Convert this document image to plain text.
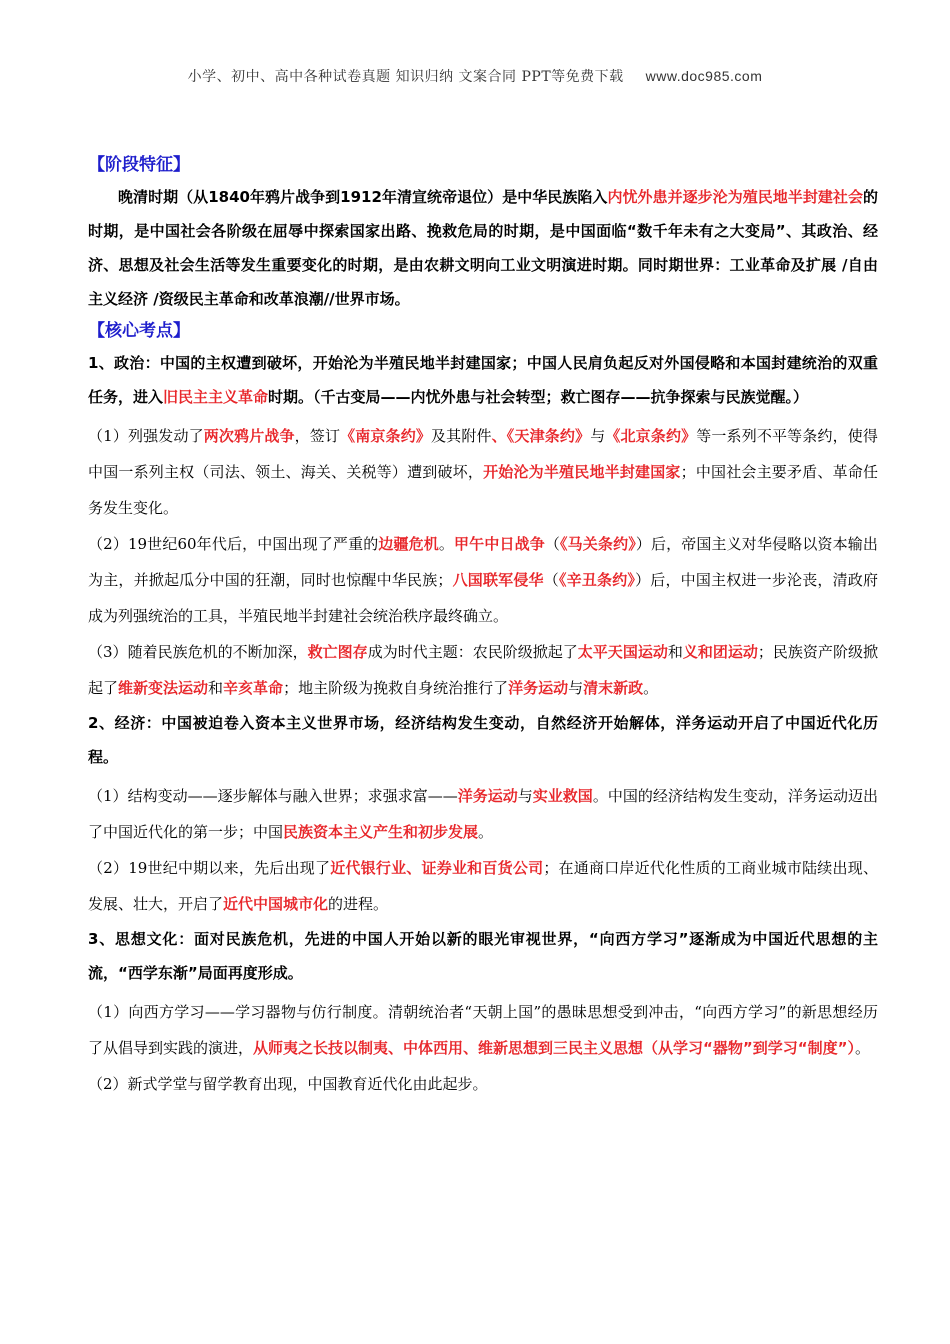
小学、初中、高中各种试卷真题 知识归纳 文案合同 PPT等免费下载 www.doc985.com
【阶段特征】

晚清时期（从1840年鸦片战争到1912年清宣统帝退位）是中华民族陷入内忧外患并逐步沦为殖民地半封建社会的时期，是中国社会各阶级在屈辱中探索国家出路、挽救危局的时期，是中国面临“数千年未有之大变局”、其政治、经济、思想及社会生活等发生重要变化的时期，是由农耕文明向工业文明演进时期。同时期世界：工业革命及扩展 /自由主义经济 /资级民主革命和改革浪潮//世界市场。

【核心考点】

1、政治：中国的主权遭到破坏，开始沦为半殖民地半封建国家；中国人民肩负起反对外国侵略和本国封建统治的双重任务，进入旧民主主义革命时期。（千古变局——内忧外患与社会转型；救亡图存——抗争探索与民族觉醒。）

（1）列强发动了两次鸦片战争，签订《南京条约》及其附件、《天津条约》与《北京条约》等一系列不平等条约，使得中国一系列主权（司法、领土、海关、关税等）遭到破坏，开始沦为半殖民地半封建国家；中国社会主要矛盾、革命任务发生变化。

（2）19世纪60年代后，中国出现了严重的边疆危机。甲午中日战争（《马关条约》）后，帝国主义对华侵略以资本输出为主，并掀起瓜分中国的狂潮，同时也惊醒中华民族；八国联军侵华（《辛丑条约》）后，中国主权进一步沦丧，清政府成为列强统治的工具，半殖民地半封建社会统治秩序最终确立。

（3）随着民族危机的不断加深，救亡图存成为时代主题：农民阶级掀起了太平天国运动和义和团运动；民族资产阶级掀起了维新变法运动和辛亥革命；地主阶级为挽救自身统治推行了洋务运动与清末新政。

2、经济：中国被迫卷入资本主义世界市场，经济结构发生变动，自然经济开始解体，洋务运动开启了中国近代化历程。

（1）结构变动——逐步解体与融入世界；求强求富——洋务运动与实业救国。中国的经济结构发生变动，洋务运动迈出了中国近代化的第一步；中国民族资本主义产生和初步发展。

（2）19世纪中期以来，先后出现了近代银行业、证券业和百货公司；在通商口岸近代化性质的工商业城市陆续出现、发展、壮大，开启了近代中国城市化的进程。

3、思想文化：面对民族危机，先进的中国人开始以新的眼光审视世界，“向西方学习”逐渐成为中国近代思想的主流，“西学东渐”局面再度形成。

（1）向西方学习——学习器物与仿行制度。清朝统治者“天朝上国”的愚昧思想受到冲击，“向西方学习”的新思想经历了从倡导到实践的演进，从师夷之长技以制夷、中体西用、维新思想到三民主义思想（从学习“器物”到学习“制度”）。

（2）新式学堂与留学教育出现，中国教育近代化由此起步。
